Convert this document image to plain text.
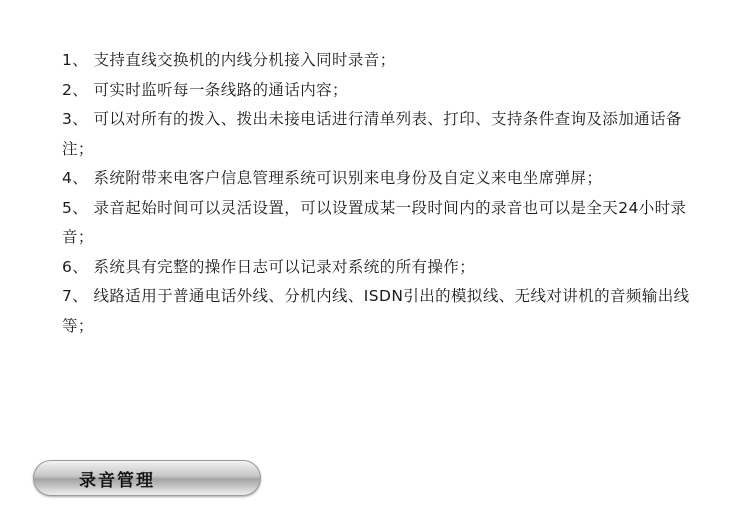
1、 支持直线交换机的内线分机接入同时录音；

2、 可实时监听每一条线路的通话内容；

3、 可以对所有的拨入、拨出未接电话进行清单列表、打印、支持条件查询及添加通话备注；

4、 系统附带来电客户信息管理系统可识别来电身份及自定义来电坐席弹屏；

5、 录音起始时间可以灵活设置，可以设置成某一段时间内的录音也可以是全天24小时录音；

6、 系统具有完整的操作日志可以记录对系统的所有操作；

7、 线路适用于普通电话外线、分机内线、ISDN引出的模拟线、无线对讲机的音频输出线等；

录音管理
